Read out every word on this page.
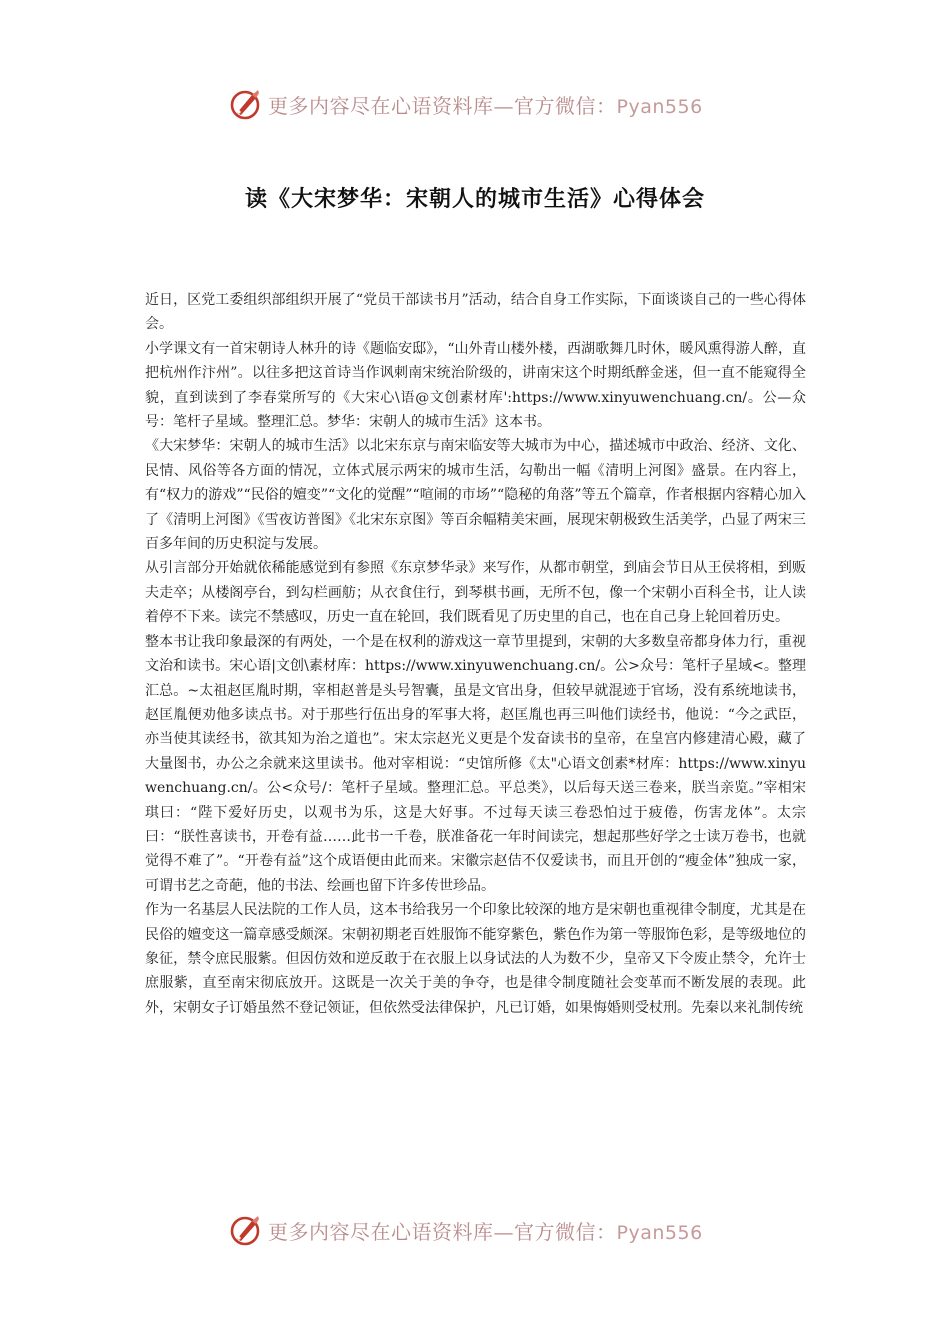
更多内容尽在心语资料库—官方微信：Pyan556
读《大宋梦华：宋朝人的城市生活》心得体会

近日，区党工委组织部组织开展了“党员干部读书月”活动，结合自身工作实际，下面谈谈自己的一些心得体会。

小学课文有一首宋朝诗人林升的诗《题临安邸》，“山外青山楼外楼，西湖歌舞几时休，暖风熏得游人醉，直把杭州作汴州”。以往多把这首诗当作讽刺南宋统治阶级的，讲南宋这个时期纸醉金迷，但一直不能窥得全貌，直到读到了李春棠所写的《大宋心\语@文创素材库':https://www.xinyuwenchuang.cn/。公—众号：笔杆子星域。整理汇总。梦华：宋朝人的城市生活》这本书。

《大宋梦华：宋朝人的城市生活》以北宋东京与南宋临安等大城市为中心，描述城市中政治、经济、文化、民情、风俗等各方面的情况，立体式展示两宋的城市生活，勾勒出一幅《清明上河图》盛景。在内容上，有“权力的游戏”“民俗的嬗变”“文化的觉醒”“喧闹的市场”“隐秘的角落”等五个篇章，作者根据内容精心加入了《清明上河图》《雪夜访普图》《北宋东京图》等百余幅精美宋画，展现宋朝极致生活美学，凸显了两宋三百多年间的历史积淀与发展。

从引言部分开始就依稀能感觉到有参照《东京梦华录》来写作，从都市朝堂，到庙会节日从王侯将相，到贩夫走卒；从楼阁亭台，到勾栏画舫；从衣食住行，到琴棋书画，无所不包，像一个宋朝小百科全书，让人读着停不下来。读完不禁感叹，历史一直在轮回，我们既看见了历史里的自己，也在自己身上轮回着历史。

整本书让我印象最深的有两处，一个是在权利的游戏这一章节里提到，宋朝的大多数皇帝都身体力行，重视文治和读书。宋心语|文创\素材库：https://www.xinyuwenchuang.cn/。公>众号：笔杆子星域<。整理汇总。~太祖赵匡胤时期，宰相赵普是头号智囊，虽是文官出身，但较早就混迹于官场，没有系统地读书，赵匡胤便劝他多读点书。对于那些行伍出身的军事大将，赵匡胤也再三叫他们读经书，他说：“今之武臣，亦当使其读经书，欲其知为治之道也”。宋太宗赵光义更是个发奋读书的皇帝，在皇宫内修建清心殿，藏了大量图书，办公之余就来这里读书。他对宰相说：“史馆所修《太"心语文创素*材库：https://www.xinyuwenchuang.cn/。公<众号/：笔杆子星域。整理汇总。平总类》，以后每天送三卷来，朕当亲览。”宰相宋琪曰：“陛下爱好历史，以观书为乐，这是大好事。不过每天读三卷恐怕过于疲倦，伤害龙体”。太宗曰：“朕性喜读书，开卷有益……此书一千卷，朕准备花一年时间读完，想起那些好学之士读万卷书，也就觉得不难了”。“开卷有益”这个成语便由此而来。宋徽宗赵佶不仅爱读书，而且开创的“瘦金体”独成一家，可谓书艺之奇葩，他的书法、绘画也留下许多传世珍品。

作为一名基层人民法院的工作人员，这本书给我另一个印象比较深的地方是宋朝也重视律令制度，尤其是在民俗的嬗变这一篇章感受颇深。宋朝初期老百姓服饰不能穿紫色，紫色作为第一等服饰色彩，是等级地位的象征，禁令庶民服紫。但因仿效和逆反敢于在衣服上以身试法的人为数不少，皇帝又下令废止禁令，允许士庶服紫，直至南宋彻底放开。这既是一次关于美的争夺，也是律令制度随社会变革而不断发展的表现。此外，宋朝女子订婚虽然不登记领证，但依然受法律保护，凡已订婚，如果悔婚则受杖刑。先秦以来礼制传统

更多内容尽在心语资料库—官方微信：Pyan556
